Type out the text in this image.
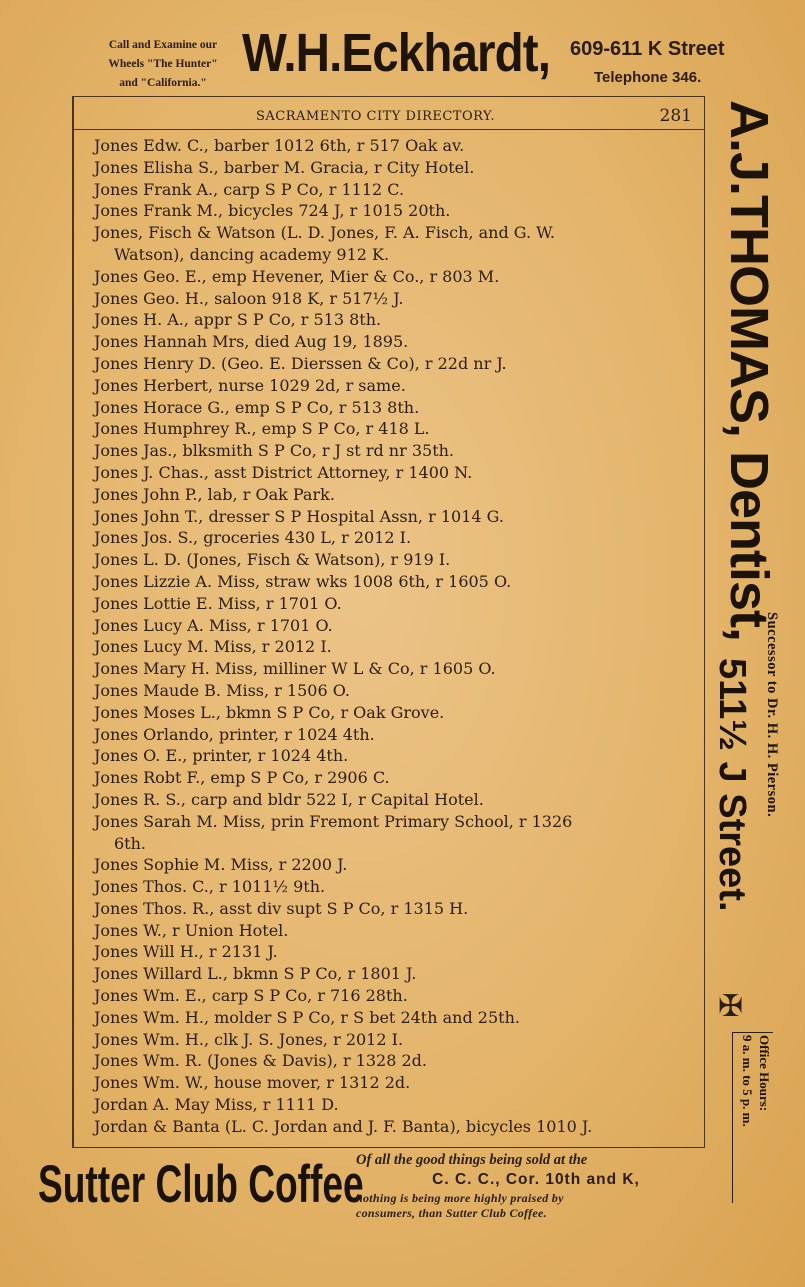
Call and Examine our
Wheels "The Hunter"
and "California." W.H.Eckhardt, 609-611 K Street
Telephone 346.
SACRAMENTO CITY DIRECTORY.	281
Jones Edw. C., barber 1012 6th, r 517 Oak av.
Jones Elisha S., barber M. Gracia, r City Hotel.
Jones Frank A., carp S P Co, r 1112 C.
Jones Frank M., bicycles 724 J, r 1015 20th.
Jones, Fisch & Watson (L. D. Jones, F. A. Fisch, and G. W.
Watson), dancing academy 912 K.
Jones Geo. E., emp Hevener, Mier & Co., r 803 M.
Jones Geo. H., saloon 918 K, r 517½ J.
Jones H. A., appr S P Co, r 513 8th.
Jones Hannah Mrs, died Aug 19, 1895.
Jones Henry D. (Geo. E. Dierssen & Co), r 22d nr J.
Jones Herbert, nurse 1029 2d, r same.
Jones Horace G., emp S P Co, r 513 8th.
Jones Humphrey R., emp S P Co, r 418 L.
Jones Jas., blksmith S P Co, r J st rd nr 35th.
Jones J. Chas., asst District Attorney, r 1400 N.
Jones John P., lab, r Oak Park.
Jones John T., dresser S P Hospital Assn, r 1014 G.
Jones Jos. S., groceries 430 L, r 2012 I.
Jones L. D. (Jones, Fisch & Watson), r 919 I.
Jones Lizzie A. Miss, straw wks 1008 6th, r 1605 O.
Jones Lottie E. Miss, r 1701 O.
Jones Lucy A. Miss, r 1701 O.
Jones Lucy M. Miss, r 2012 I.
Jones Mary H. Miss, milliner W L & Co, r 1605 O.
Jones Maude B. Miss, r 1506 O.
Jones Moses L., bkmn S P Co, r Oak Grove.
Jones Orlando, printer, r 1024 4th.
Jones O. E., printer, r 1024 4th.
Jones Robt F., emp S P Co, r 2906 C.
Jones R. S., carp and bldr 522 I, r Capital Hotel.
Jones Sarah M. Miss, prin Fremont Primary School, r 1326
6th.
Jones Sophie M. Miss, r 2200 J.
Jones Thos. C., r 1011½ 9th.
Jones Thos. R., asst div supt S P Co, r 1315 H.
Jones W., r Union Hotel.
Jones Will H., r 2131 J.
Jones Willard L., bkmn S P Co, r 1801 J.
Jones Wm. E., carp S P Co, r 716 28th.
Jones Wm. H., molder S P Co, r S bet 24th and 25th.
Jones Wm. H., clk J. S. Jones, r 2012 I.
Jones Wm. R. (Jones & Davis), r 1328 2d.
Jones Wm. W., house mover, r 1312 2d.
Jordan A. May Miss, r 1111 D.
Jordan & Banta (L. C. Jordan and J. F. Banta), bicycles 1010 J.
A.J.THOMAS, Dentist,
511½ J Street. Successor to Dr. H. H. Pierson.
✠
Office Hours:
9 a. m. to 5 p. m.
Sutter Club Coffee
Of all the good things being sold at the
C. C. C., Cor. 10th and K,
nothing is being more highly praised by
consumers, than Sutter Club Coffee.
